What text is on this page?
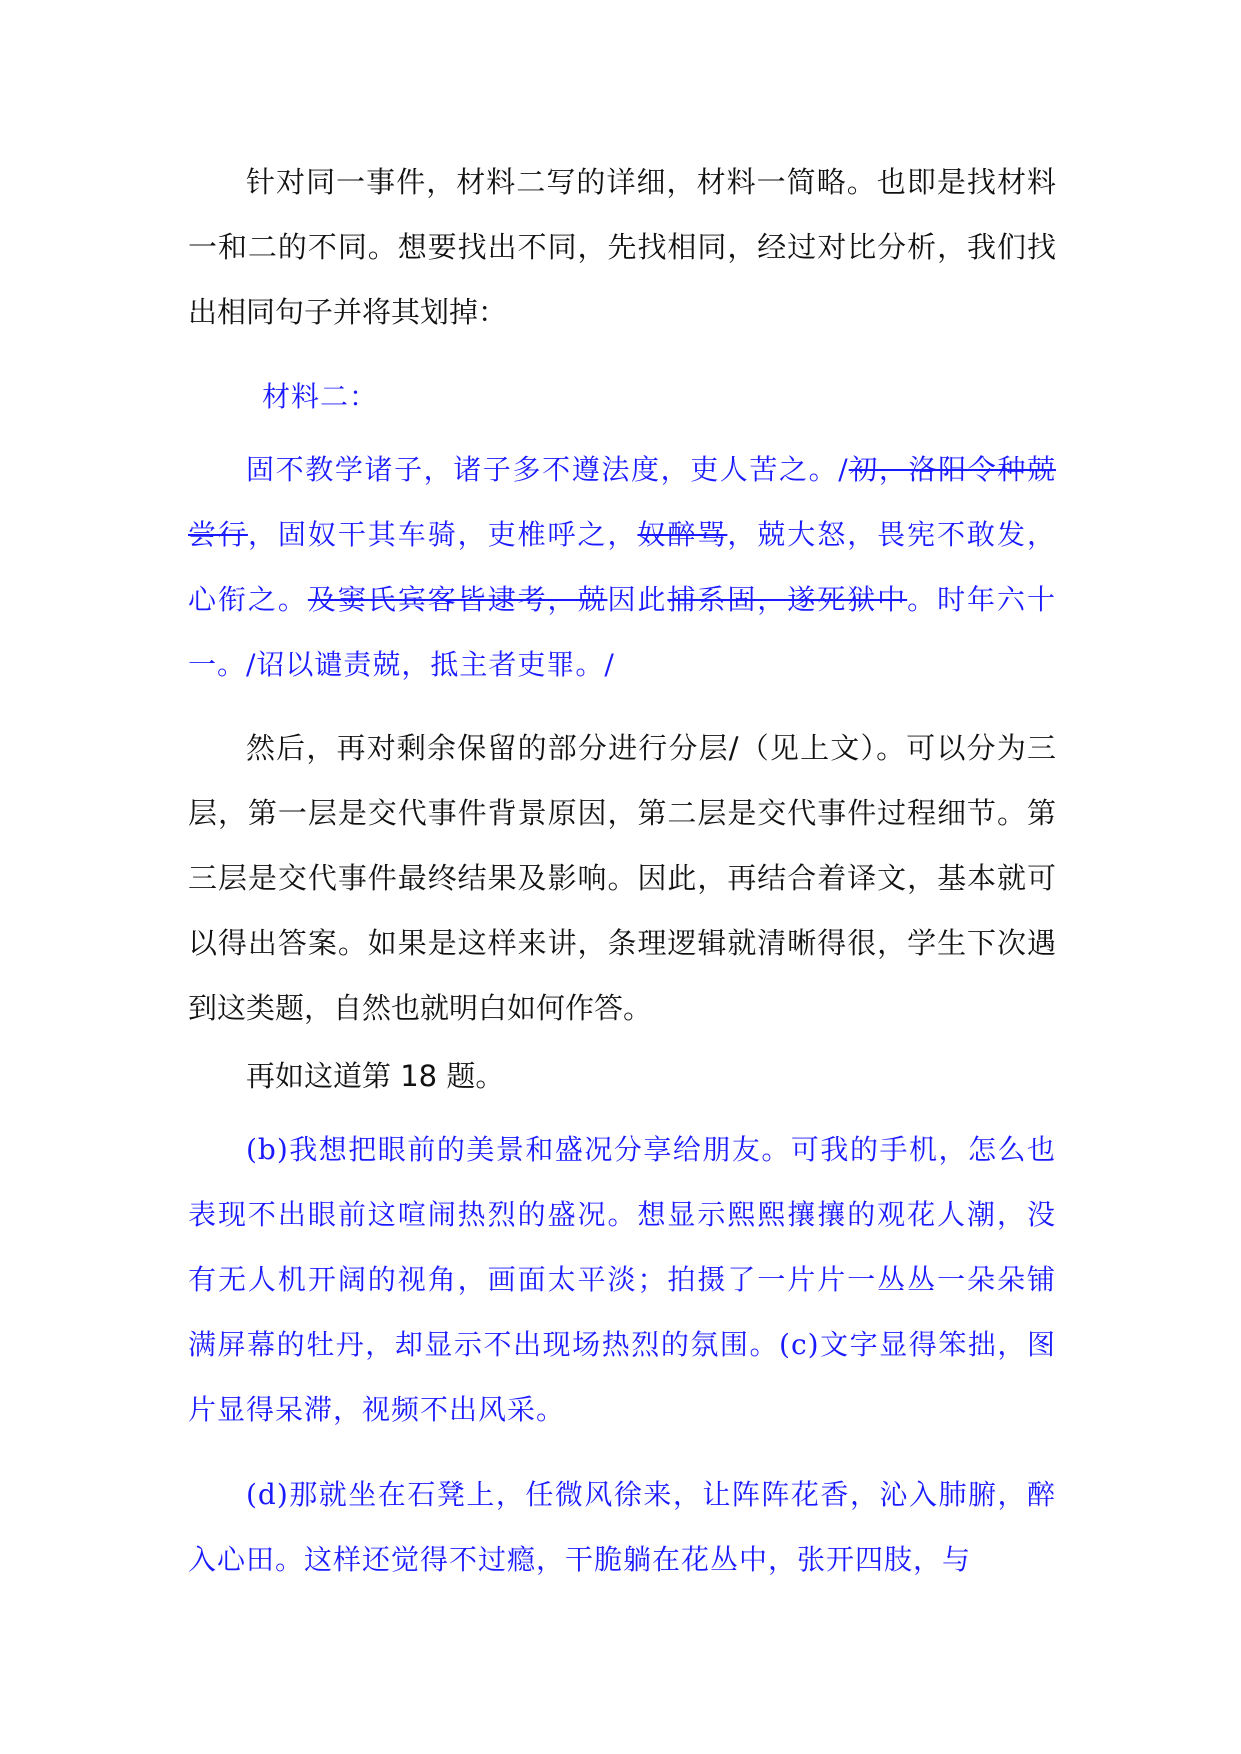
针对同一事件，材料二写的详细，材料一简略。也即是找材料一和二的不同。想要找出不同，先找相同，经过对比分析，我们找出相同句子并将其划掉：

材料二：

固不教学诸子，诸子多不遵法度，吏人苦之。/初，洛阳令种兢尝行，固奴干其车骑，吏椎呼之，奴醉骂，兢大怒，畏宪不敢发，心衔之。及窦氏宾客皆逮考，兢因此捕系固，遂死狱中。时年六十一。/诏以谴责兢，抵主者吏罪。/

然后，再对剩余保留的部分进行分层/（见上文）。可以分为三层，第一层是交代事件背景原因，第二层是交代事件过程细节。第三层是交代事件最终结果及影响。因此，再结合着译文，基本就可以得出答案。如果是这样来讲，条理逻辑就清晰得很，学生下次遇到这类题，自然也就明白如何作答。

再如这道第 18 题。

(b)我想把眼前的美景和盛况分享给朋友。可我的手机，怎么也表现不出眼前这喧闹热烈的盛况。想显示熙熙攘攘的观花人潮，没有无人机开阔的视角，画面太平淡；拍摄了一片片一丛丛一朵朵铺满屏幕的牡丹，却显示不出现场热烈的氛围。(c)文字显得笨拙，图片显得呆滞，视频不出风采。

(d)那就坐在石凳上，任微风徐来，让阵阵花香，沁入肺腑，醉入心田。这样还觉得不过瘾，干脆躺在花丛中，张开四肢，与
